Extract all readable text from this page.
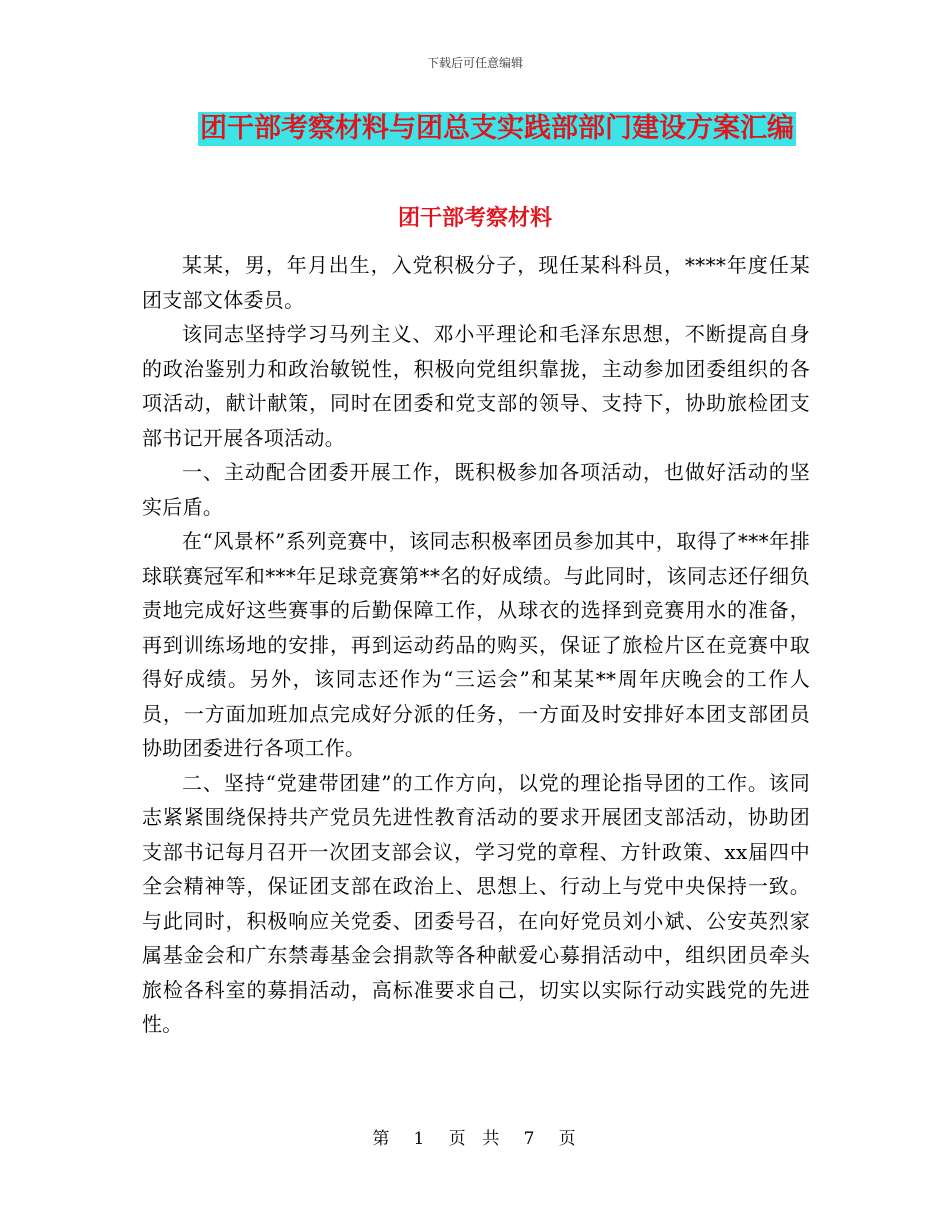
下载后可任意编辑
团干部考察材料与团总支实践部部门建设方案汇编
团干部考察材料

某某，男，年月出生，入党积极分子，现任某科科员，****年度任某团支部文体委员。

该同志坚持学习马列主义、邓小平理论和毛泽东思想，不断提高自身的政治鉴别力和政治敏锐性，积极向党组织靠拢，主动参加团委组织的各项活动，献计献策，同时在团委和党支部的领导、支持下，协助旅检团支部书记开展各项活动。

一、主动配合团委开展工作，既积极参加各项活动，也做好活动的坚实后盾。

在“风景杯”系列竞赛中，该同志积极率团员参加其中，取得了***年排球联赛冠军和***年足球竞赛第**名的好成绩。与此同时，该同志还仔细负责地完成好这些赛事的后勤保障工作，从球衣的选择到竞赛用水的准备，再到训练场地的安排，再到运动药品的购买，保证了旅检片区在竞赛中取得好成绩。另外，该同志还作为“三运会”和某某**周年庆晚会的工作人员，一方面加班加点完成好分派的任务，一方面及时安排好本团支部团员协助团委进行各项工作。

二、坚持“党建带团建”的工作方向，以党的理论指导团的工作。该同志紧紧围绕保持共产党员先进性教育活动的要求开展团支部活动，协助团支部书记每月召开一次团支部会议，学习党的章程、方针政策、xx届四中全会精神等，保证团支部在政治上、思想上、行动上与党中央保持一致。与此同时，积极响应关党委、团委号召，在向好党员刘小斌、公安英烈家属基金会和广东禁毒基金会捐款等各种献爱心募捐活动中，组织团员牵头旅检各科室的募捐活动，高标准要求自己，切实以实际行动实践党的先进性。

第 1 页  共 7 页
